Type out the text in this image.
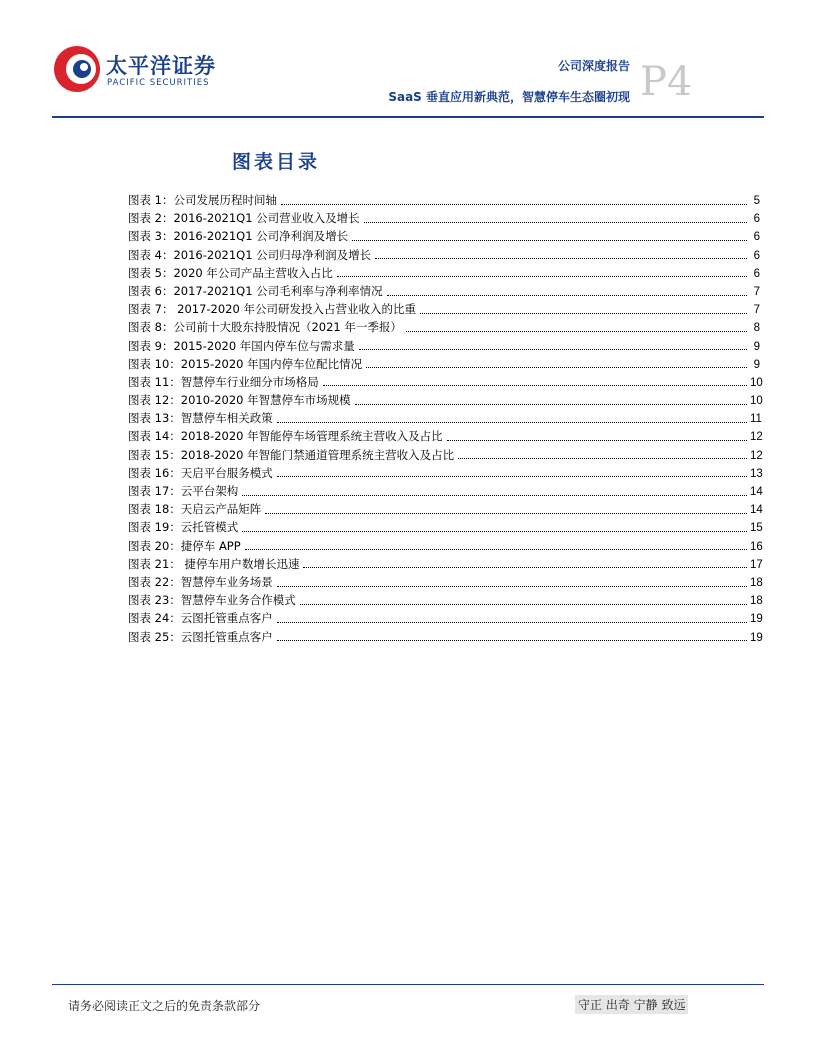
太平洋证券
PACIFIC SECURITIES
公司深度报告
SaaS 垂直应用新典范，智慧停车生态圈初现 P4
图表目录
图表 1：公司发展历程时间轴	5
图表 2：2016-2021Q1 公司营业收入及增长	6
图表 3：2016-2021Q1 公司净利润及增长	6
图表 4：2016-2021Q1 公司归母净利润及增长	6
图表 5：2020 年公司产品主营收入占比	6
图表 6：2017-2021Q1 公司毛利率与净利率情况	7
图表 7： 2017-2020 年公司研发投入占营业收入的比重	7
图表 8：公司前十大股东持股情况（2021 年一季报）	8
图表 9：2015-2020 年国内停车位与需求量	9
图表 10：2015-2020 年国内停车位配比情况	9
图表 11：智慧停车行业细分市场格局	10
图表 12：2010-2020 年智慧停车市场规模	10
图表 13：智慧停车相关政策	11
图表 14：2018-2020 年智能停车场管理系统主营收入及占比	12
图表 15：2018-2020 年智能门禁通道管理系统主营收入及占比	12
图表 16：天启平台服务模式	13
图表 17：云平台架构	14
图表 18：天启云产品矩阵	14
图表 19：云托管模式	15
图表 20：捷停车 APP	16
图表 21： 捷停车用户数增长迅速	17
图表 22：智慧停车业务场景	18
图表 23：智慧停车业务合作模式	18
图表 24：云图托管重点客户	19
图表 25：云图托管重点客户	19
请务必阅读正文之后的免责条款部分	守正 出奇 宁静 致远
